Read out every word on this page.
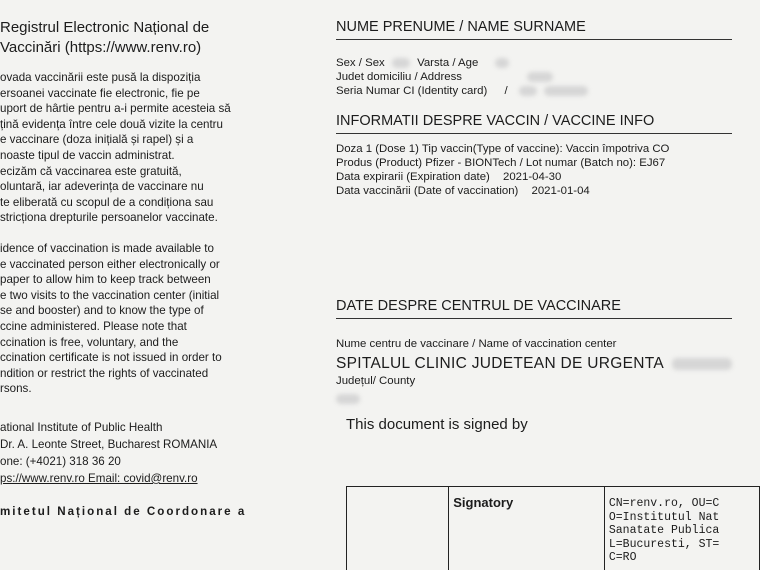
Registrul Electronic Național de

Vaccinări (https://www.renv.ro)

ovada vaccinării este pusă la dispoziția

ersoanei vaccinate fie electronic, fie pe

uport de hârtie pentru a-i permite acesteia să

țină evidența între cele două vizite la centru

e vaccinare (doza inițială și rapel) și a

noaste tipul de vaccin administrat.

ecizăm că vaccinarea este gratuită,

oluntară, iar adeverința de vaccinare nu

te eliberată cu scopul de a condiționa sau

stricționa drepturile persoanelor vaccinate.

idence of vaccination is made available to

e vaccinated person either electronically or

paper to allow him to keep track between

e two visits to the vaccination center (initial

se and booster) and to know the type of

ccine administered. Please note that

ccination is free, voluntary, and the

ccination certificate is not issued in order to

ndition or restrict the rights of vaccinated

rsons.

ational Institute of Public Health
Dr. A. Leonte Street, Bucharest ROMANIA
one: (+4021) 318 36 20
ps://www.renv.ro Email: covid@renv.ro
mitetul Național de Coordonare a
NUME PRENUME / NAME SURNAME
Sex / Sex	Varsta / Age
Judet domiciliu / Address
Seria Numar CI (Identity card) /
INFORMATII DESPRE VACCIN / VACCINE INFO
Doza 1 (Dose 1) Tip vaccin(Type of vaccine): Vaccin împotriva CO
Produs (Product) Pfizer - BIONTech / Lot numar (Batch no): EJ67
Data expirarii (Expiration date) 2021-04-30
Data vaccinării (Date of vaccination) 2021-01-04
DATE DESPRE CENTRUL DE VACCINARE
Nume centru de vaccinare / Name of vaccination center
SPITALUL CLINIC JUDETEAN DE URGENTA
Județul/ County
This document is signed by
	Signatory	CN=renv.ro, OU=C
O=Institutul Nat
Sanatate Publica
L=Bucuresti, ST=
C=RO
